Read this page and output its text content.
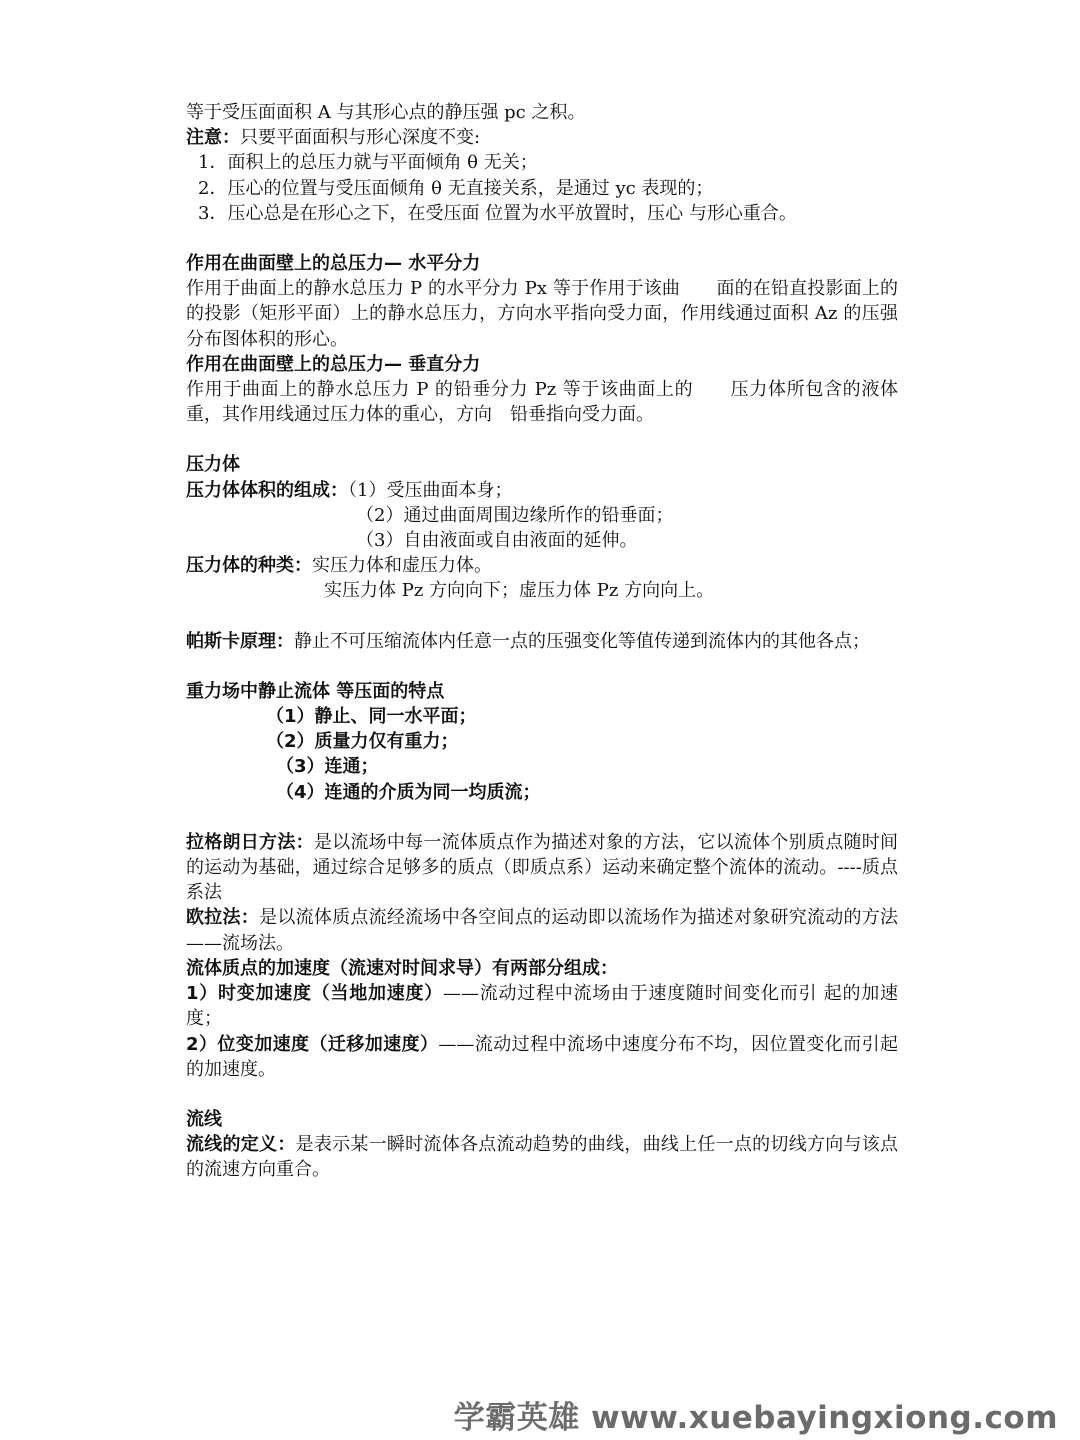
等于受压面面积 A 与其形心点的静压强 pc 之积。

注意：只要平面面积与形心深度不变:

1．面积上的总压力就与平面倾角 θ 无关；

2．压心的位置与受压面倾角 θ 无直接关系，是通过 yc 表现的；

3．压心总是在形心之下，在受压面 位置为水平放置时，压心 与形心重合。

作用在曲面壁上的总压力— 水平分力

作用于曲面上的静水总压力 P 的水平分力 Px 等于作用于该曲　　面的在铅直投影面上的的投影（矩形平面）上的静水总压力，方向水平指向受力面，作用线通过面积 Az 的压强分布图体积的形心。

作用在曲面壁上的总压力— 垂直分力

作用于曲面上的静水总压力 P 的铅垂分力 Pz 等于该曲面上的　　压力体所包含的液体重，其作用线通过压力体的重心，方向　铅垂指向受力面。

压力体

压力体体积的组成：（1）受压曲面本身；

（2）通过曲面周围边缘所作的铅垂面；

（3）自由液面或自由液面的延伸。

压力体的种类：实压力体和虚压力体。

实压力体 Pz 方向向下；虚压力体 Pz 方向向上。

帕斯卡原理：静止不可压缩流体内任意一点的压强变化等值传递到流体内的其他各点；

重力场中静止流体 等压面的特点

（1）静止、同一水平面；

（2）质量力仅有重力；

（3）连通；

（4）连通的介质为同一均质流；

拉格朗日方法：是以流场中每一流体质点作为描述对象的方法，它以流体个别质点随时间的运动为基础，通过综合足够多的质点（即质点系）运动来确定整个流体的流动。----质点系法

欧拉法：是以流体质点流经流场中各空间点的运动即以流场作为描述对象研究流动的方法——流场法。

流体质点的加速度（流速对时间求导）有两部分组成：

1）时变加速度（当地加速度）——流动过程中流场由于速度随时间变化而引 起的加速度；

2）位变加速度（迁移加速度）——流动过程中流场中速度分布不均，因位置变化而引起的加速度。

流线

流线的定义：是表示某一瞬时流体各点流动趋势的曲线，曲线上任一点的切线方向与该点的流速方向重合。

学霸英雄 www.xuebayingxiong.com
